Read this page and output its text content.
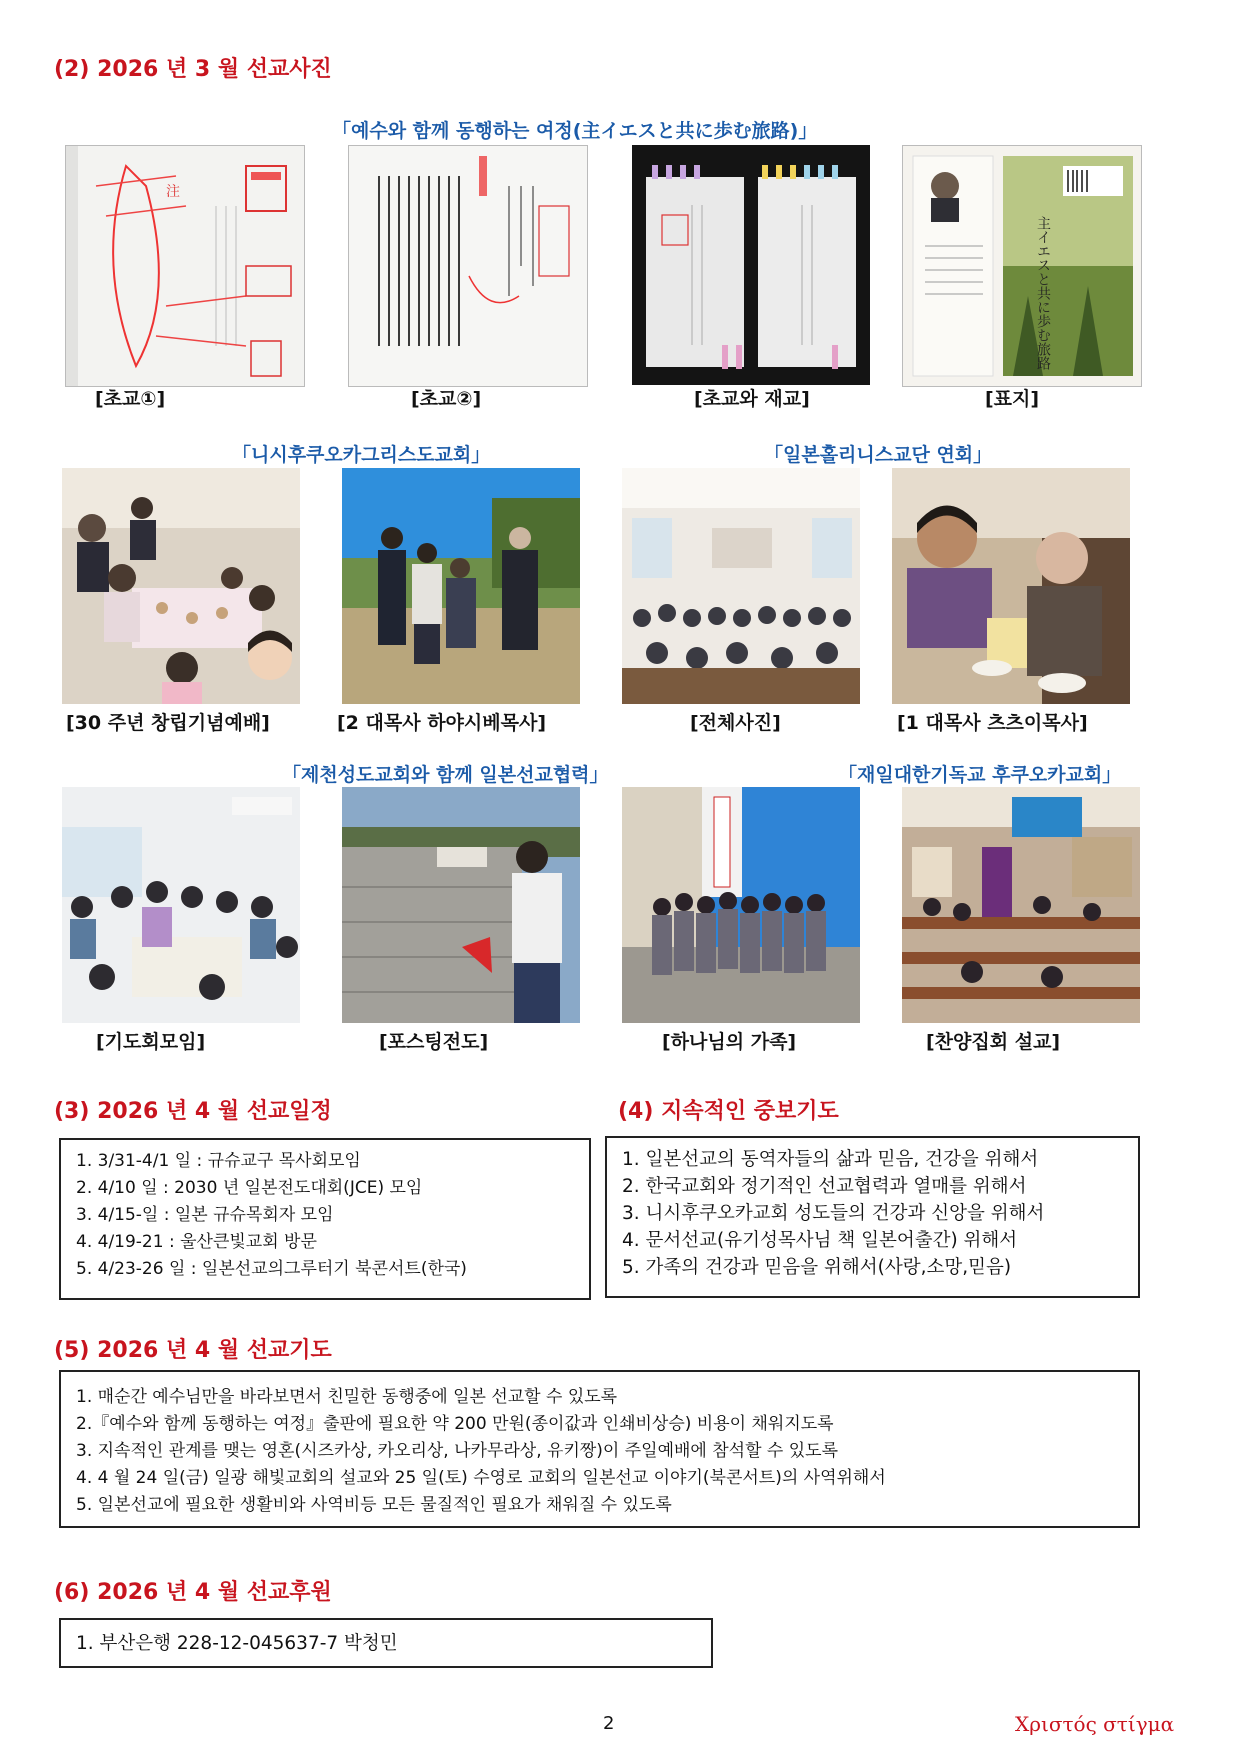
(2) 2026 년 3 월 선교사진
「예수와 함께 동행하는 여정(主イエスと共に歩む旅路)」
注
主イエスと共に歩む旅路
[초교①]	[초교②]	[초교와 재교]	[표지]
「니시후쿠오카그리스도교회」	「일본홀리니스교단 연회」
[30 주년 창립기념예배]	[2 대목사 하야시베목사]	[전체사진]	[1 대목사 츠츠이목사]
「제천성도교회와 함께 일본선교협력」	「재일대한기독교 후쿠오카교회」
[기도회모임]	[포스팅전도]	[하나님의 가족]	[찬양집회 설교]
(3) 2026 년 4 월 선교일정	(4) 지속적인 중보기도
1. 3/31-4/1 일 : 규슈교구 목사회모임
2. 4/10 일 : 2030 년 일본전도대회(JCE) 모임
3. 4/15-일 : 일본 규슈목회자 모임
4. 4/19-21 : 울산큰빛교회 방문
5. 4/23-26 일 : 일본선교의그루터기 북콘서트(한국)
1. 일본선교의 동역자들의 삶과 믿음, 건강을 위해서
2. 한국교회와 정기적인 선교협력과 열매를 위해서
3. 니시후쿠오카교회 성도들의 건강과 신앙을 위해서
4. 문서선교(유기성목사님 책 일본어출간) 위해서
5. 가족의 건강과 믿음을 위해서(사랑,소망,믿음)
(5) 2026 년 4 월 선교기도
1. 매순간 예수님만을 바라보면서 친밀한 동행중에 일본 선교할 수 있도록
2.『예수와 함께 동행하는 여정』출판에 필요한 약 200 만원(종이값과 인쇄비상승) 비용이 채워지도록
3. 지속적인 관계를 맺는 영혼(시즈카상, 카오리상, 나카무라상, 유키짱)이 주일예배에 참석할 수 있도록
4. 4 월 24 일(금) 일광 해빛교회의 설교와 25 일(토) 수영로 교회의 일본선교 이야기(북콘서트)의 사역위해서
5. 일본선교에 필요한 생활비와 사역비등 모든 물질적인 필요가 채워질 수 있도록
(6) 2026 년 4 월 선교후원
1. 부산은행 228-12-045637-7 박청민
2	Χριστός στίγμα
